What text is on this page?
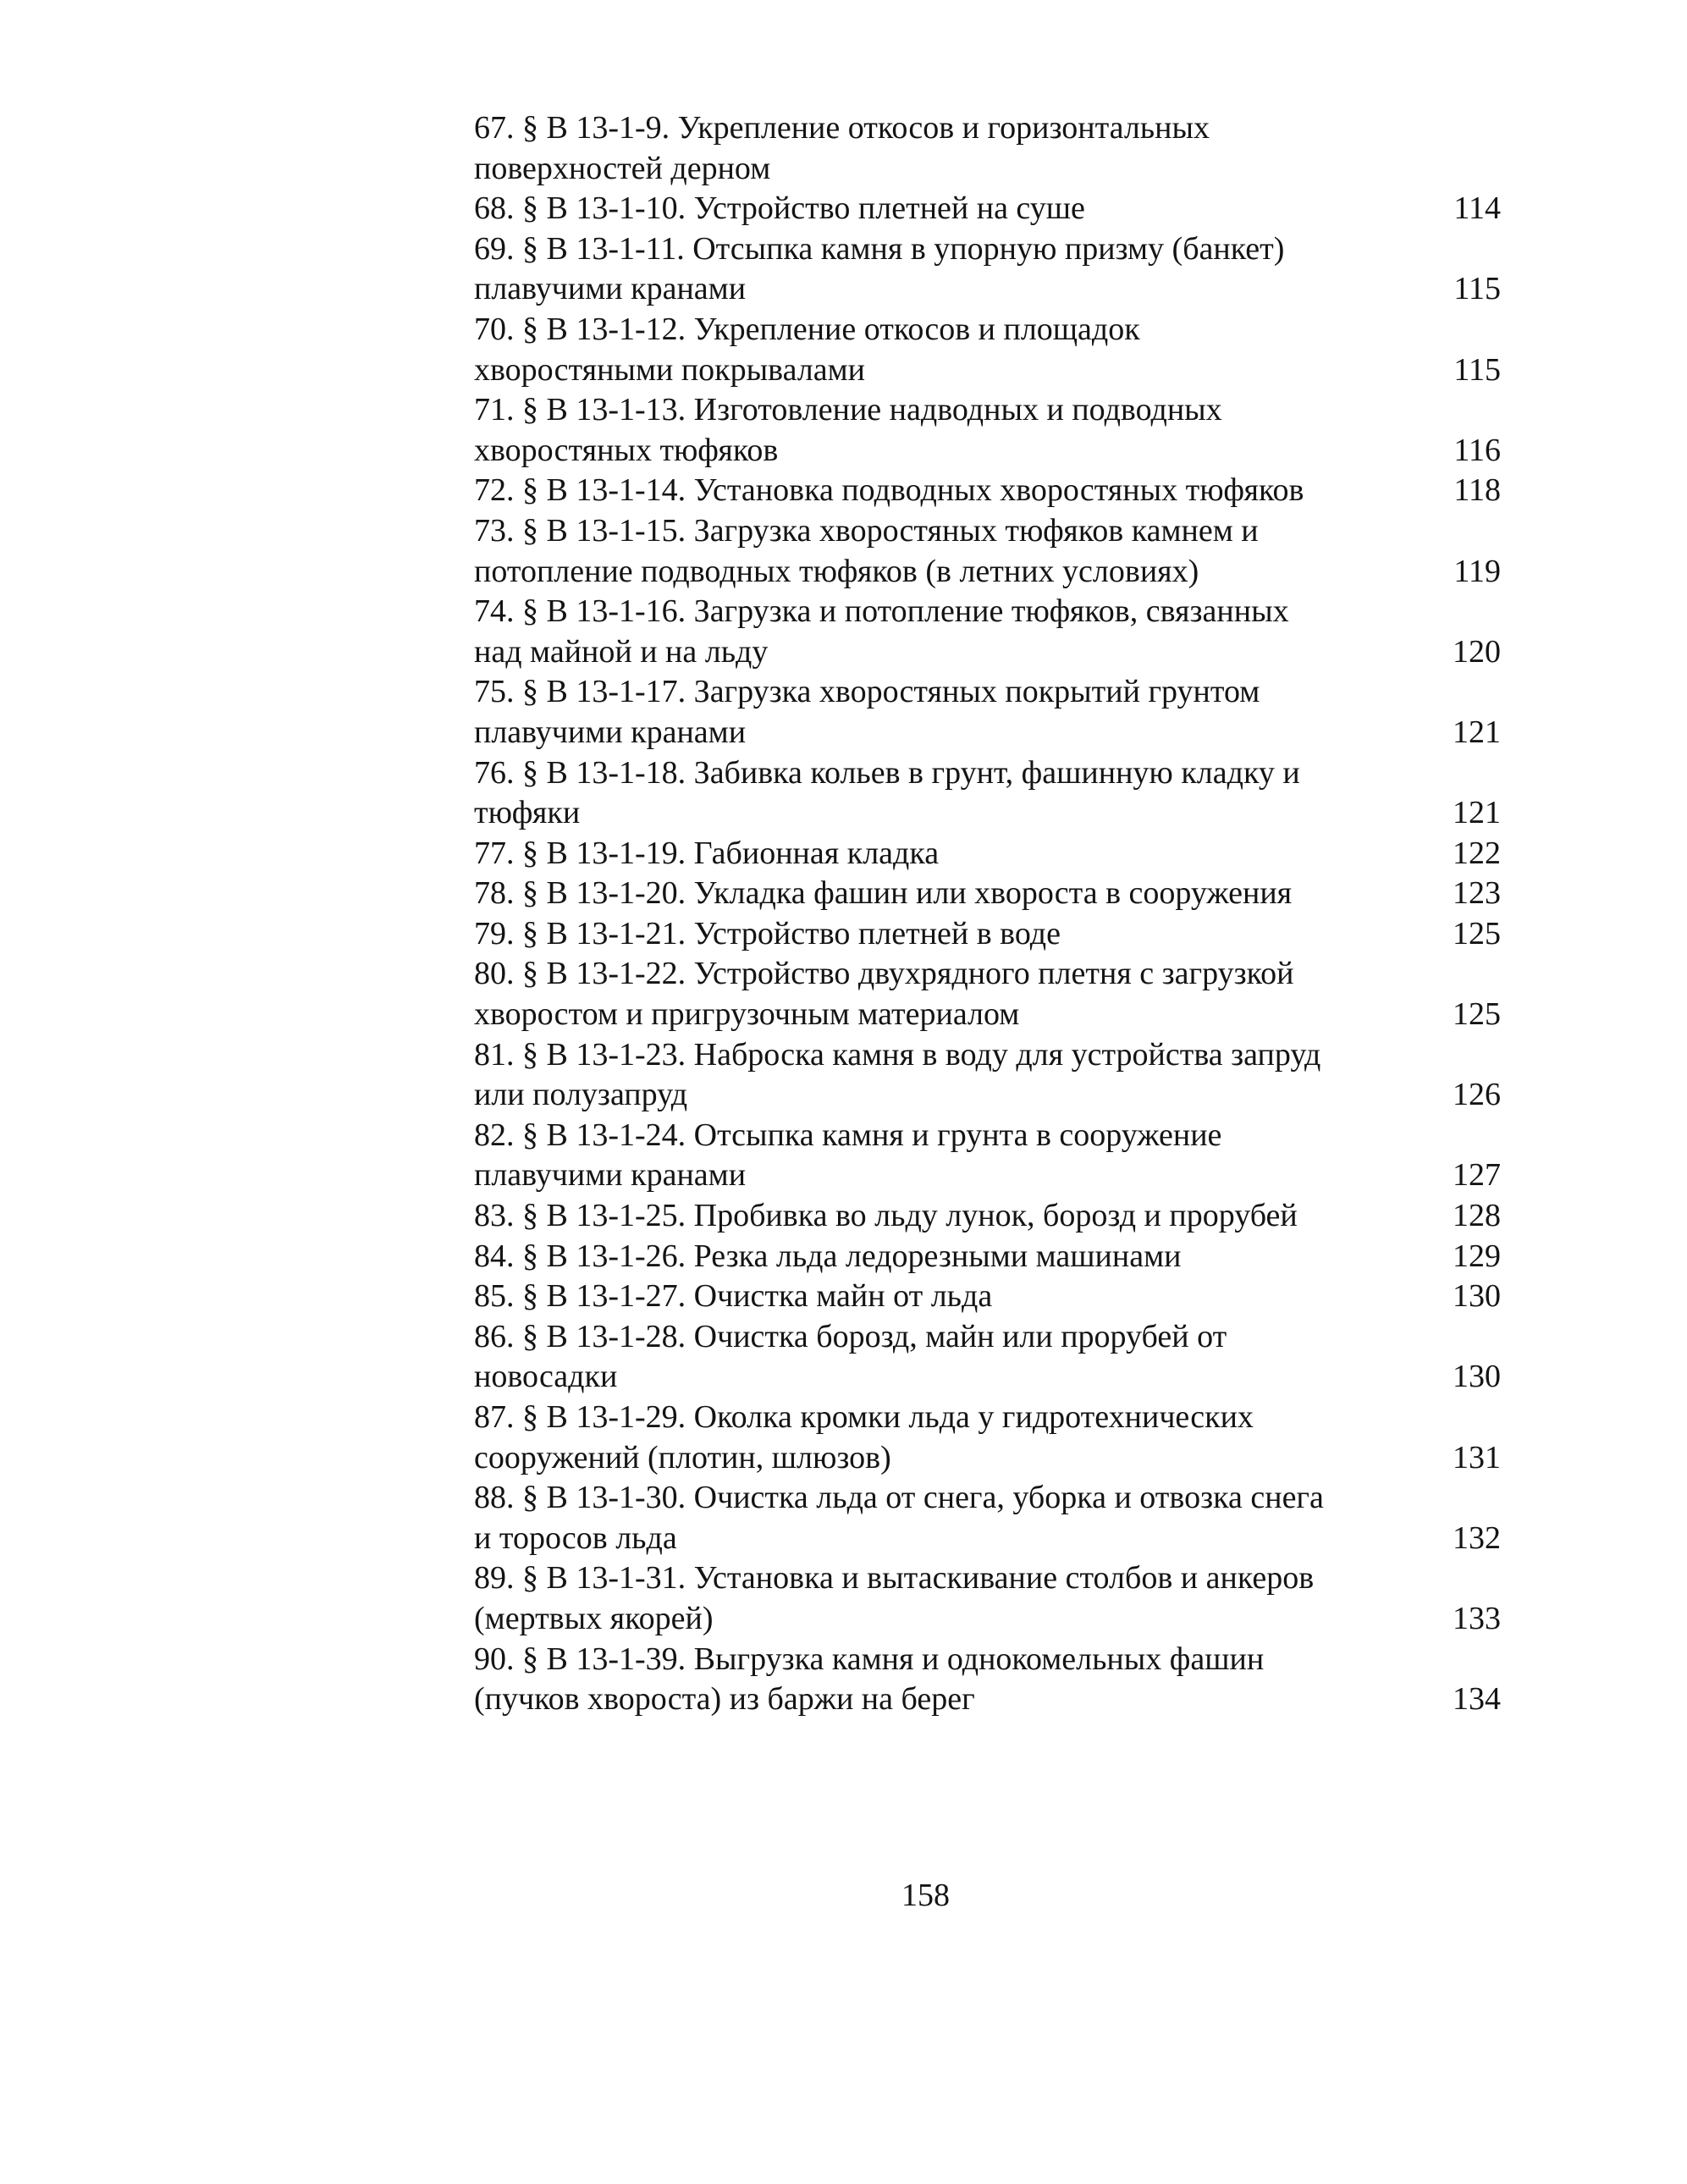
67. § В 13-1-9. Укрепление откосов и горизонтальных
поверхностей дерном
68. § В 13-1-10. Устройство плетней на суше	114
69. § В 13-1-11. Отсыпка камня в упорную призму (банкет)
плавучими кранами	115
70. § В 13-1-12. Укрепление откосов и площадок
хворостяными покрывалами	115
71. § В 13-1-13. Изготовление надводных и подводных
хворостяных тюфяков	116
72. § В 13-1-14. Установка подводных хворостяных тюфяков	118
73. § В 13-1-15. Загрузка хворостяных тюфяков камнем и
потопление подводных тюфяков (в летних условиях)	119
74. § В 13-1-16. Загрузка и потопление тюфяков, связанных
над майной и на льду	120
75. § В 13-1-17. Загрузка хворостяных покрытий грунтом
плавучими кранами	121
76. § В 13-1-18. Забивка кольев в грунт, фашинную кладку и
тюфяки	121
77. § В 13-1-19. Габионная кладка	122
78. § В 13-1-20. Укладка фашин или хвороста в сооружения	123
79. § В 13-1-21. Устройство плетней в воде	125
80. § В 13-1-22. Устройство двухрядного плетня с загрузкой
хворостом и пригрузочным материалом	125
81. § В 13-1-23. Наброска камня в воду для устройства запруд
или полузапруд	126
82. § В 13-1-24. Отсыпка камня и грунта в сооружение
плавучими кранами	127
83. § В 13-1-25. Пробивка во льду лунок, борозд и прорубей	128
84. § В 13-1-26. Резка льда ледорезными машинами	129
85. § В 13-1-27. Очистка майн от льда	130
86. § В 13-1-28. Очистка борозд, майн или прорубей от
новосадки	130
87. § В 13-1-29. Околка кромки льда у гидротехнических
сооружений (плотин, шлюзов)	131
88. § В 13-1-30. Очистка льда от снега, уборка и отвозка снега
и торосов льда	132
89. § В 13-1-31. Установка и вытаскивание столбов и анкеров
(мертвых якорей)	133
90. § В 13-1-39. Выгрузка камня и однокомельных фашин
(пучков хвороста) из баржи на берег	134
158
